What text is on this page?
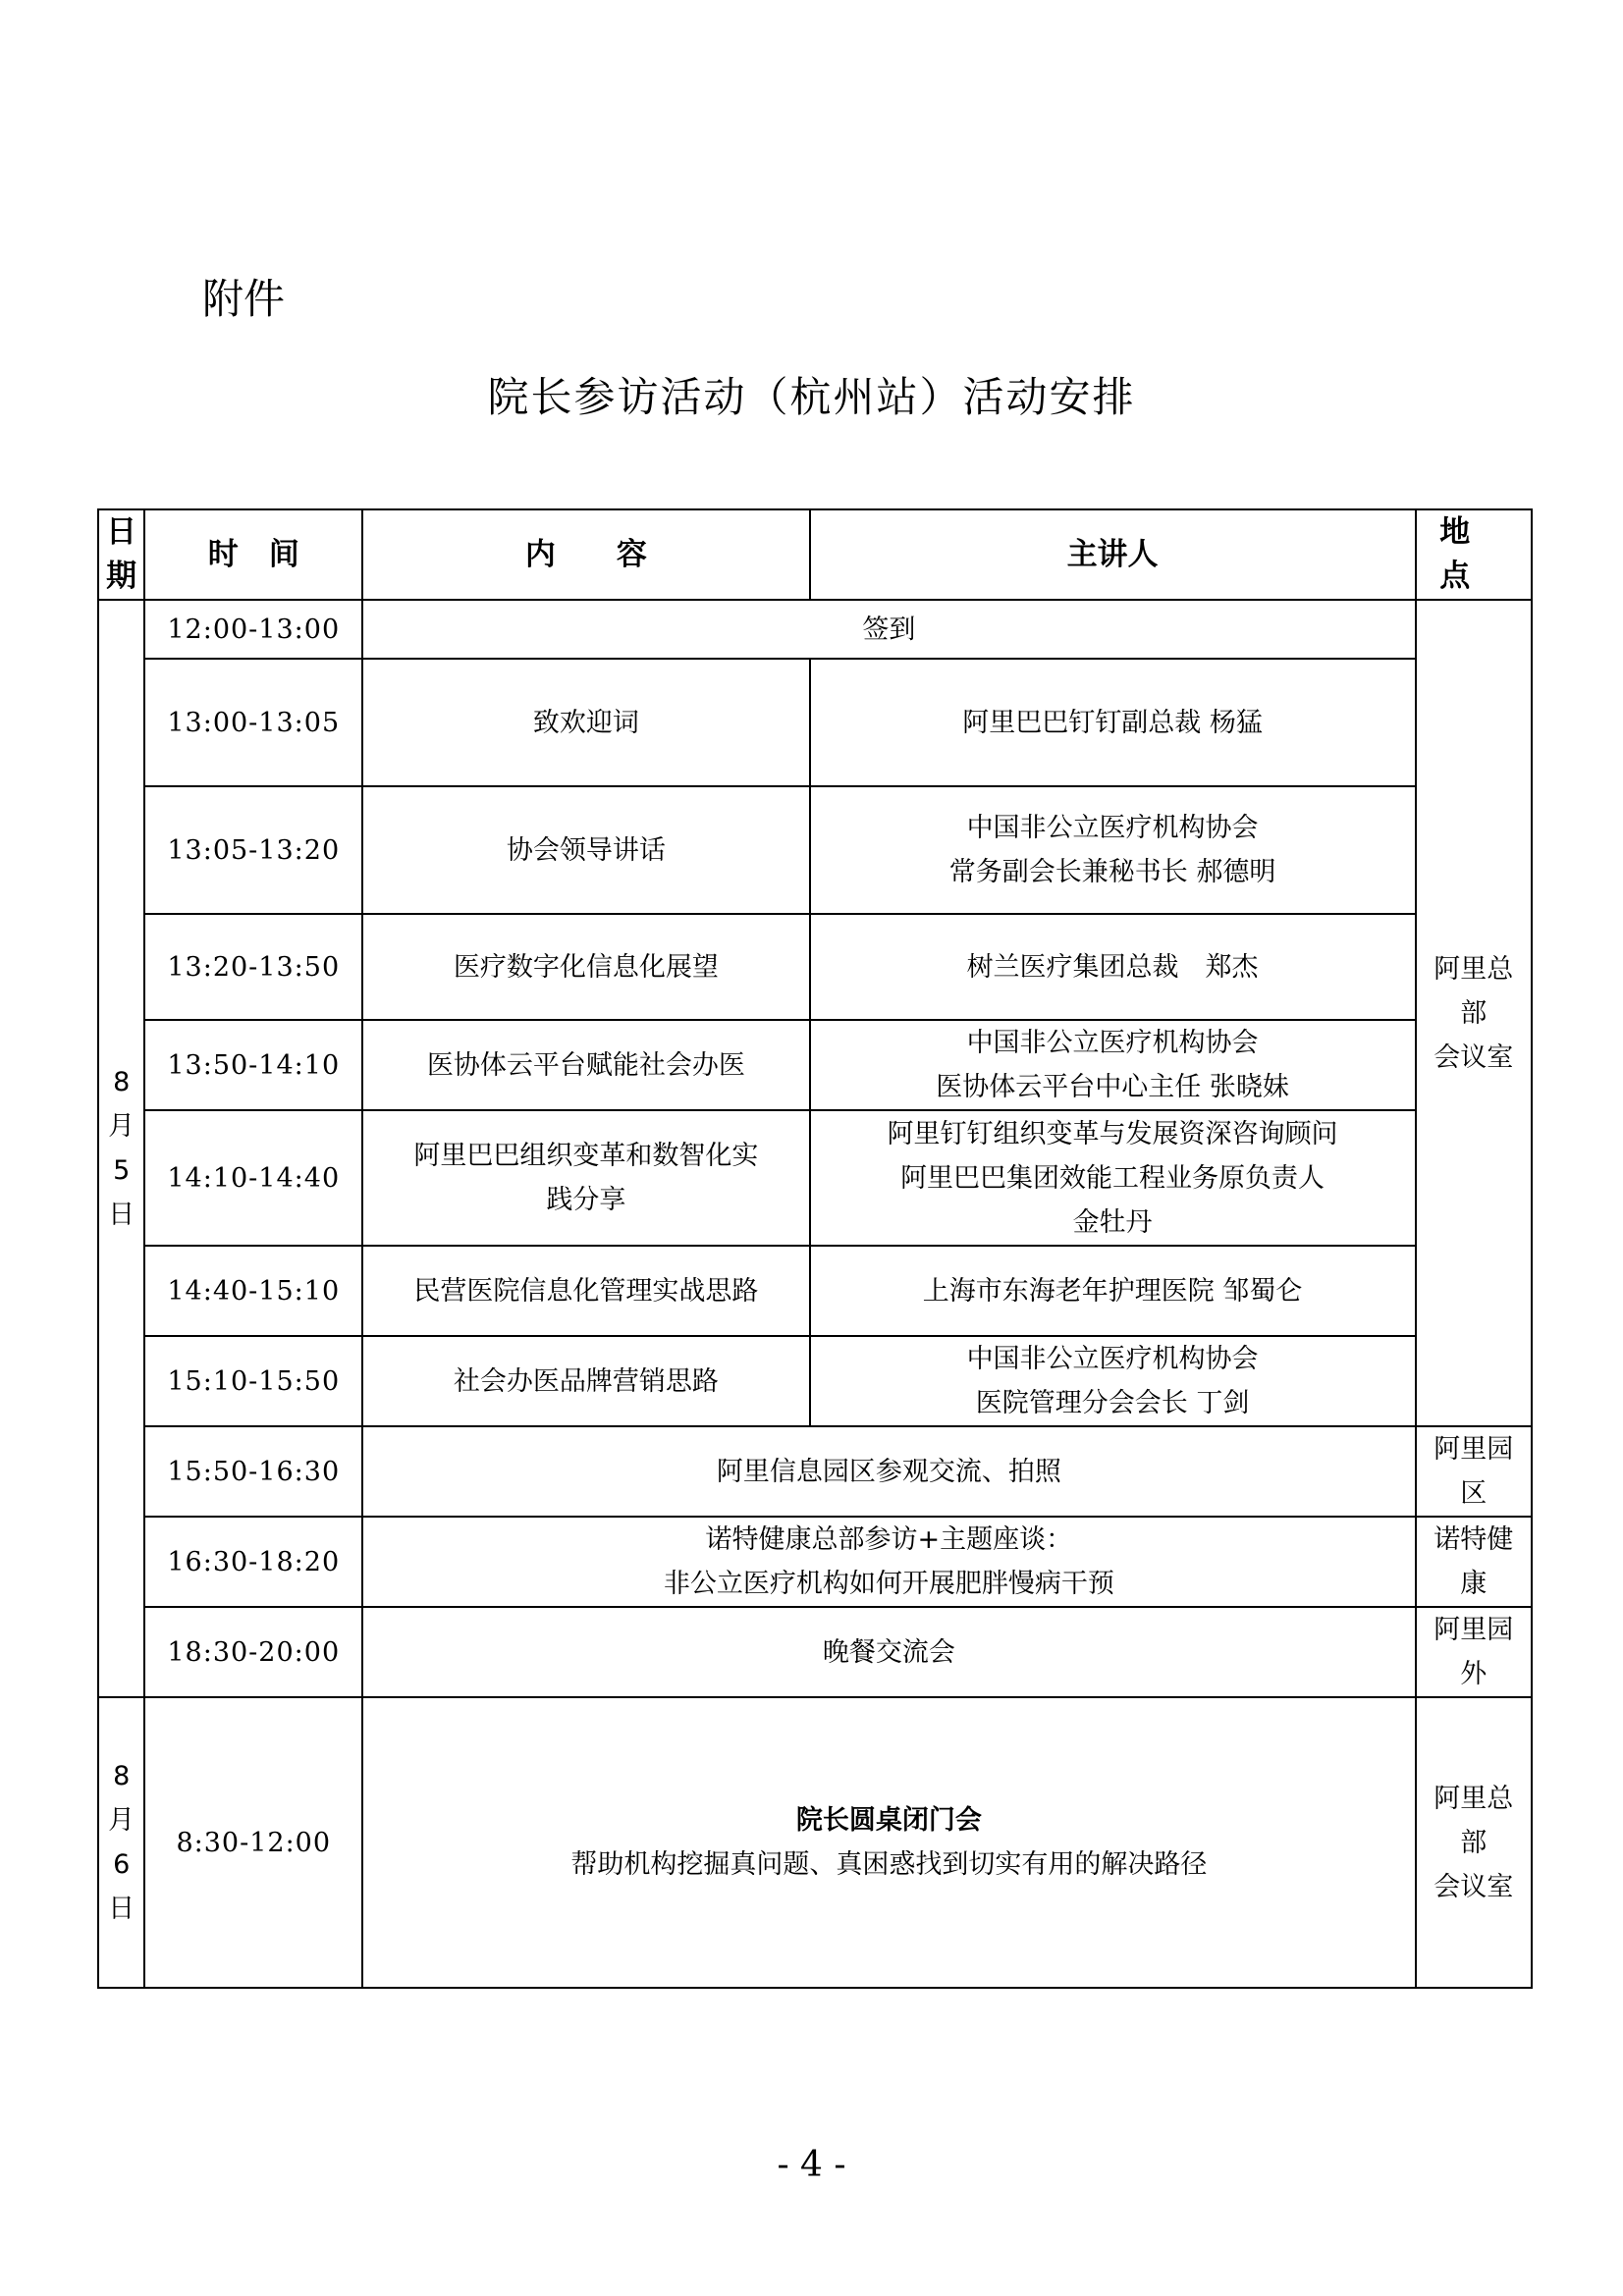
附件
院长参访活动（杭州站）活动安排
日
期	时　间	内　　容	主讲人	地点

8
月
5
日	12:00-13:00	签到		阿里总部
会议室

	13:00-13:05	致欢迎词	阿里巴巴钉钉副总裁 杨猛	

	13:05-13:20	协会领导讲话	中国非公立医疗机构协会
常务副会长兼秘书长 郝德明	

	13:20-13:50	医疗数字化信息化展望	树兰医疗集团总裁　郑杰	

	13:50-14:10	医协体云平台赋能社会办医	中国非公立医疗机构协会
医协体云平台中心主任 张晓妹	

	14:10-14:40	阿里巴巴组织变革和数智化实
践分享	阿里钉钉组织变革与发展资深咨询顾问
阿里巴巴集团效能工程业务原负责人
金牡丹	

	14:40-15:10	民营医院信息化管理实战思路	上海市东海老年护理医院 邹蜀仑	

	15:10-15:50	社会办医品牌营销思路	中国非公立医疗机构协会
医院管理分会会长 丁剑	

	15:50-16:30	阿里信息园区参观交流、拍照		阿里园区
	16:30-18:20	诺特健康总部参访+主题座谈：
非公立医疗机构如何开展肥胖慢病干预		诺特健康
	18:30-20:00	晚餐交流会		阿里园外

8
月
6
日	8:30-12:00	院长圆桌闭门会
帮助机构挖掘真问题、真困惑找到切实有用的解决路径		阿里总部
会议室
- 4 -
